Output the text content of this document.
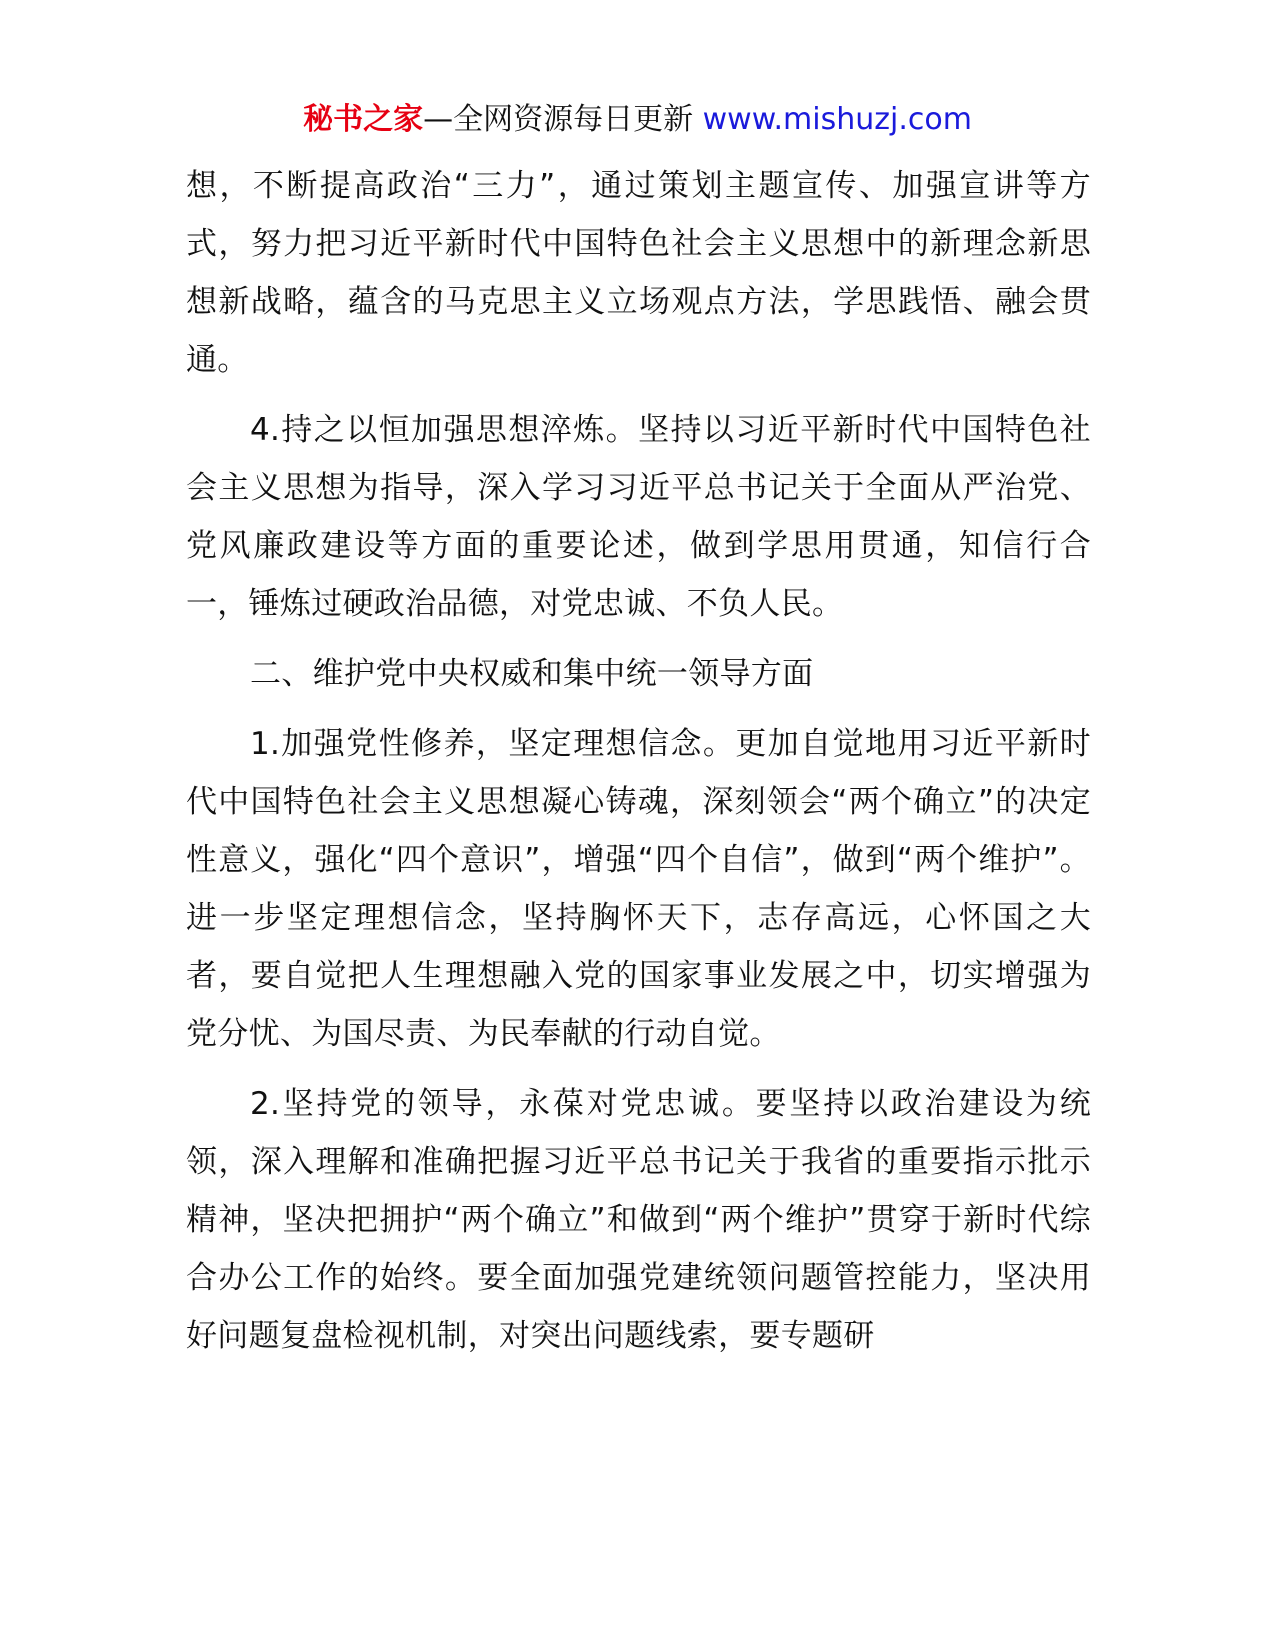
秘书之家—全网资源每日更新 www.mishuzj.com

想，不断提高政治“三力”，通过策划主题宣传、加强宣讲等方式，努力把习近平新时代中国特色社会主义思想中的新理念新思想新战略，蕴含的马克思主义立场观点方法，学思践悟、融会贯通。

4.持之以恒加强思想淬炼。坚持以习近平新时代中国特色社会主义思想为指导，深入学习习近平总书记关于全面从严治党、党风廉政建设等方面的重要论述，做到学思用贯通，知信行合一，锤炼过硬政治品德，对党忠诚、不负人民。

二、维护党中央权威和集中统一领导方面

1.加强党性修养，坚定理想信念。更加自觉地用习近平新时代中国特色社会主义思想凝心铸魂，深刻领会“两个确立”的决定性意义，强化“四个意识”，增强“四个自信”，做到“两个维护”。进一步坚定理想信念，坚持胸怀天下，志存高远，心怀国之大者，要自觉把人生理想融入党的国家事业发展之中，切实增强为党分忧、为国尽责、为民奉献的行动自觉。

2.坚持党的领导，永葆对党忠诚。要坚持以政治建设为统领，深入理解和准确把握习近平总书记关于我省的重要指示批示精神，坚决把拥护“两个确立”和做到“两个维护”贯穿于新时代综合办公工作的始终。要全面加强党建统领问题管控能力，坚决用好问题复盘检视机制，对突出问题线索，要专题研
